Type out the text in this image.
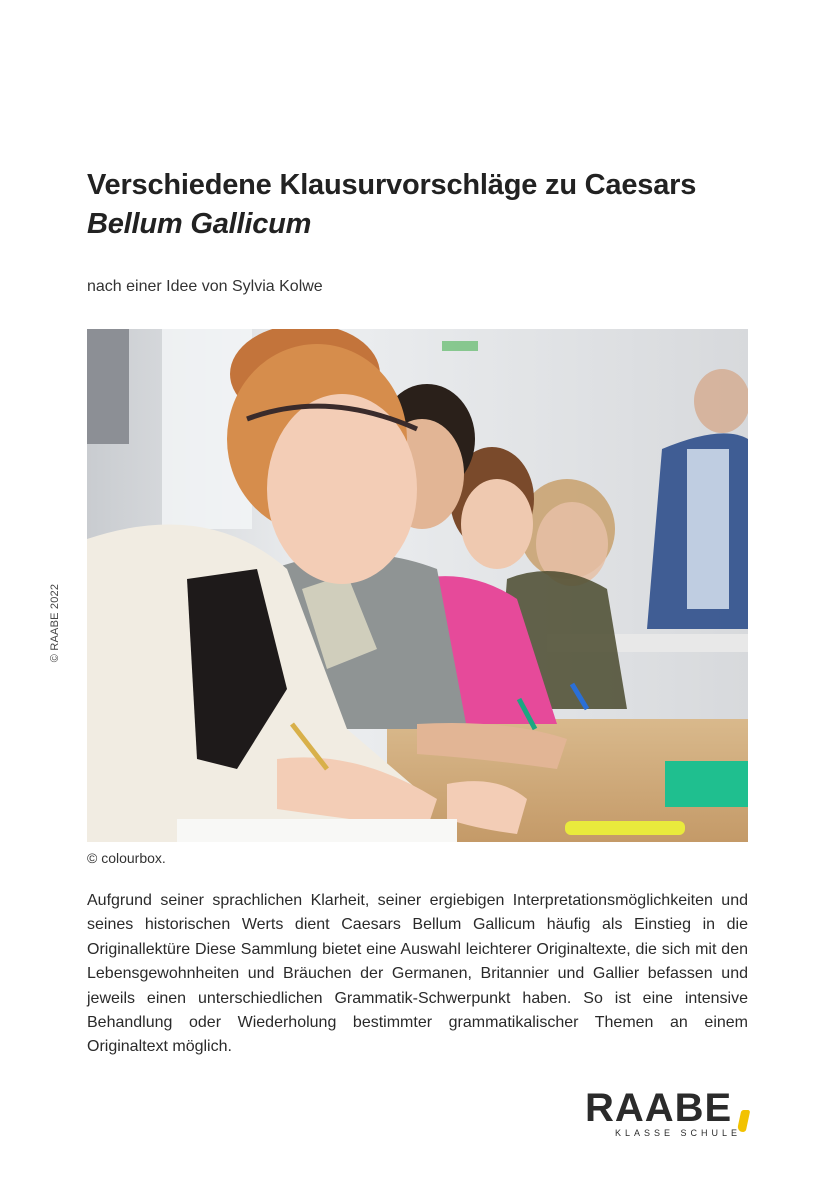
© RAABE 2022
Verschiedene Klausurvorschläge zu Caesars
Bellum Gallicum

nach einer Idee von Sylvia Kolwe

© colourbox.

Aufgrund seiner sprachlichen Klarheit, seiner ergiebigen Interpretationsmöglichkeiten und seines historischen Werts dient Caesars Bellum Gallicum häufig als Einstieg in die Originallektüre Diese Sammlung bietet eine Auswahl leichterer Originaltexte, die sich mit den Lebensgewohnheiten und Bräuchen der Germanen, Britannier und Gallier befassen und jeweils einen unterschiedlichen Grammatik-Schwerpunkt haben. So ist eine intensive Behandlung oder Wiederholung bestimmter grammatikalischer Themen an einem Originaltext möglich.

RAABE

KLASSE SCHULE
